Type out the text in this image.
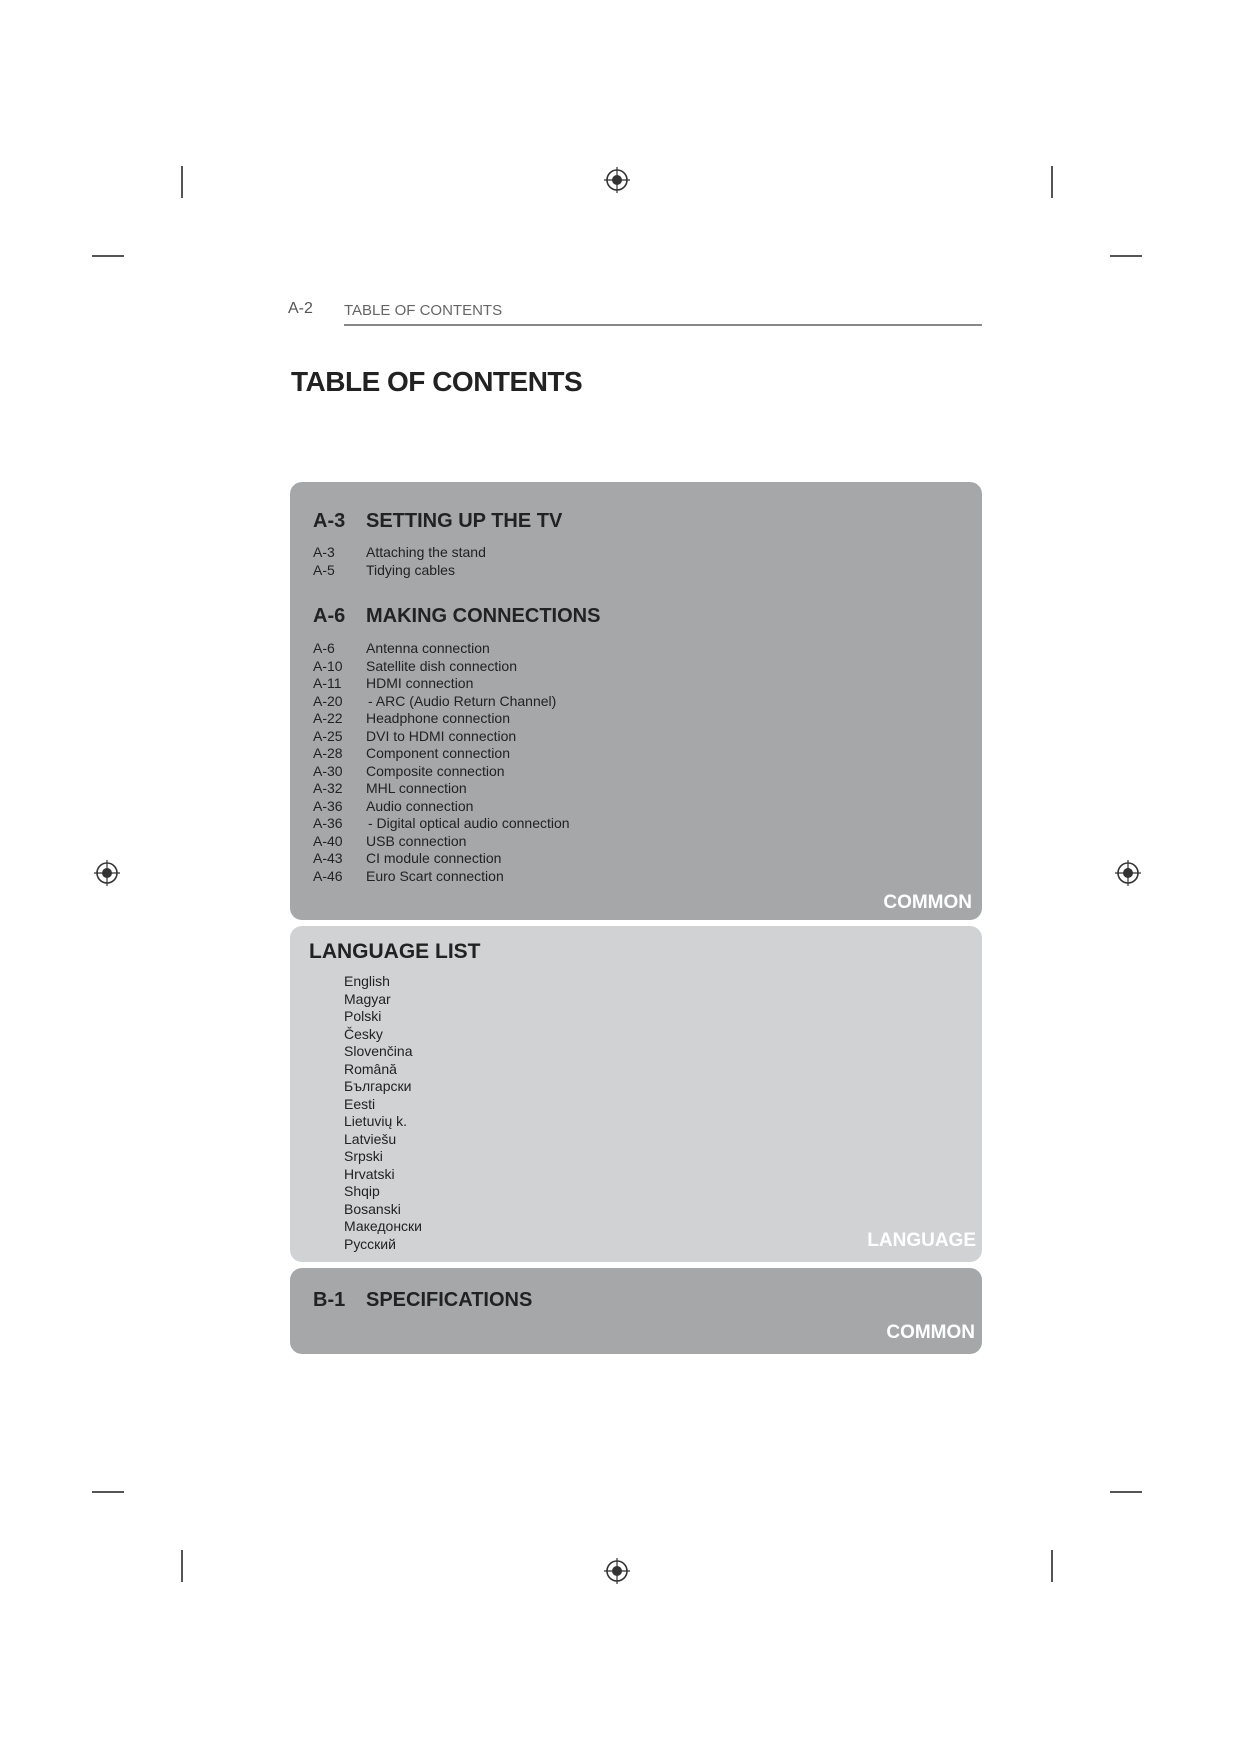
A-2 TABLE OF CONTENTS
TABLE OF CONTENTS
A-3 SETTING UP THE TV
A-3 Attaching the stand
A-5 Tidying cables
A-6 MAKING CONNECTIONS
A-6 Antenna connection
A-10 Satellite dish connection
A-11 HDMI connection
A-20 - ARC (Audio Return Channel)
A-22 Headphone connection
A-25 DVI to HDMI connection
A-28 Component connection
A-30 Composite connection
A-32 MHL connection
A-36 Audio connection
A-36 - Digital optical audio connection
A-40 USB connection
A-43 CI module connection
A-46 Euro Scart connection
COMMON
LANGUAGE LIST
English
Magyar
Polski
Česky
Slovenčina
Română
Български
Eesti
Lietuvių k.
Latviešu
Srpski
Hrvatski
Shqip
Bosanski
Македонски
Русский	LANGUAGE
B-1 SPECIFICATIONS
COMMON
